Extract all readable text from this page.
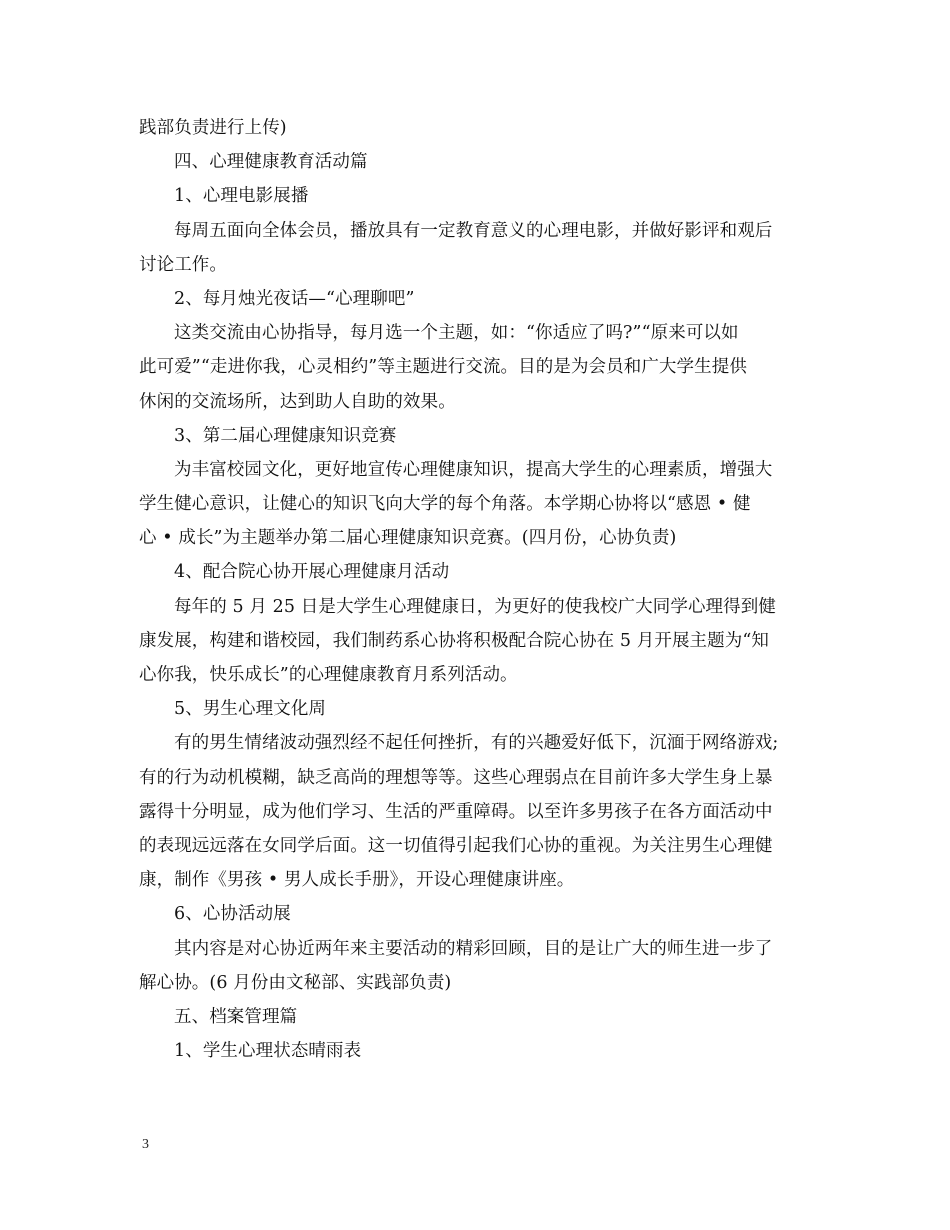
践部负责进行上传)
四、心理健康教育活动篇
1、心理电影展播
每周五面向全体会员，播放具有一定教育意义的心理电影，并做好影评和观后
讨论工作。
2、每月烛光夜话—“心理聊吧”
这类交流由心协指导，每月选一个主题，如：“你适应了吗?”“原来可以如
此可爱”“走进你我，心灵相约”等主题进行交流。目的是为会员和广大学生提供
休闲的交流场所，达到助人自助的效果。
3、第二届心理健康知识竞赛
为丰富校园文化，更好地宣传心理健康知识，提高大学生的心理素质，增强大
学生健心意识，让健心的知识飞向大学的每个角落。本学期心协将以“感恩 • 健
心 • 成长”为主题举办第二届心理健康知识竞赛。(四月份，心协负责)
4、配合院心协开展心理健康月活动
每年的 5 月 25 日是大学生心理健康日，为更好的使我校广大同学心理得到健
康发展，构建和谐校园，我们制药系心协将积极配合院心协在 5 月开展主题为“知
心你我，快乐成长”的心理健康教育月系列活动。
5、男生心理文化周
有的男生情绪波动强烈经不起任何挫折，有的兴趣爱好低下，沉湎于网络游戏;
有的行为动机模糊，缺乏高尚的理想等等。这些心理弱点在目前许多大学生身上暴
露得十分明显，成为他们学习、生活的严重障碍。以至许多男孩子在各方面活动中
的表现远远落在女同学后面。这一切值得引起我们心协的重视。为关注男生心理健
康，制作《男孩 • 男人成长手册》，开设心理健康讲座。
6、心协活动展
其内容是对心协近两年来主要活动的精彩回顾，目的是让广大的师生进一步了
解心协。(6 月份由文秘部、实践部负责)
五、档案管理篇
1、学生心理状态晴雨表
3
